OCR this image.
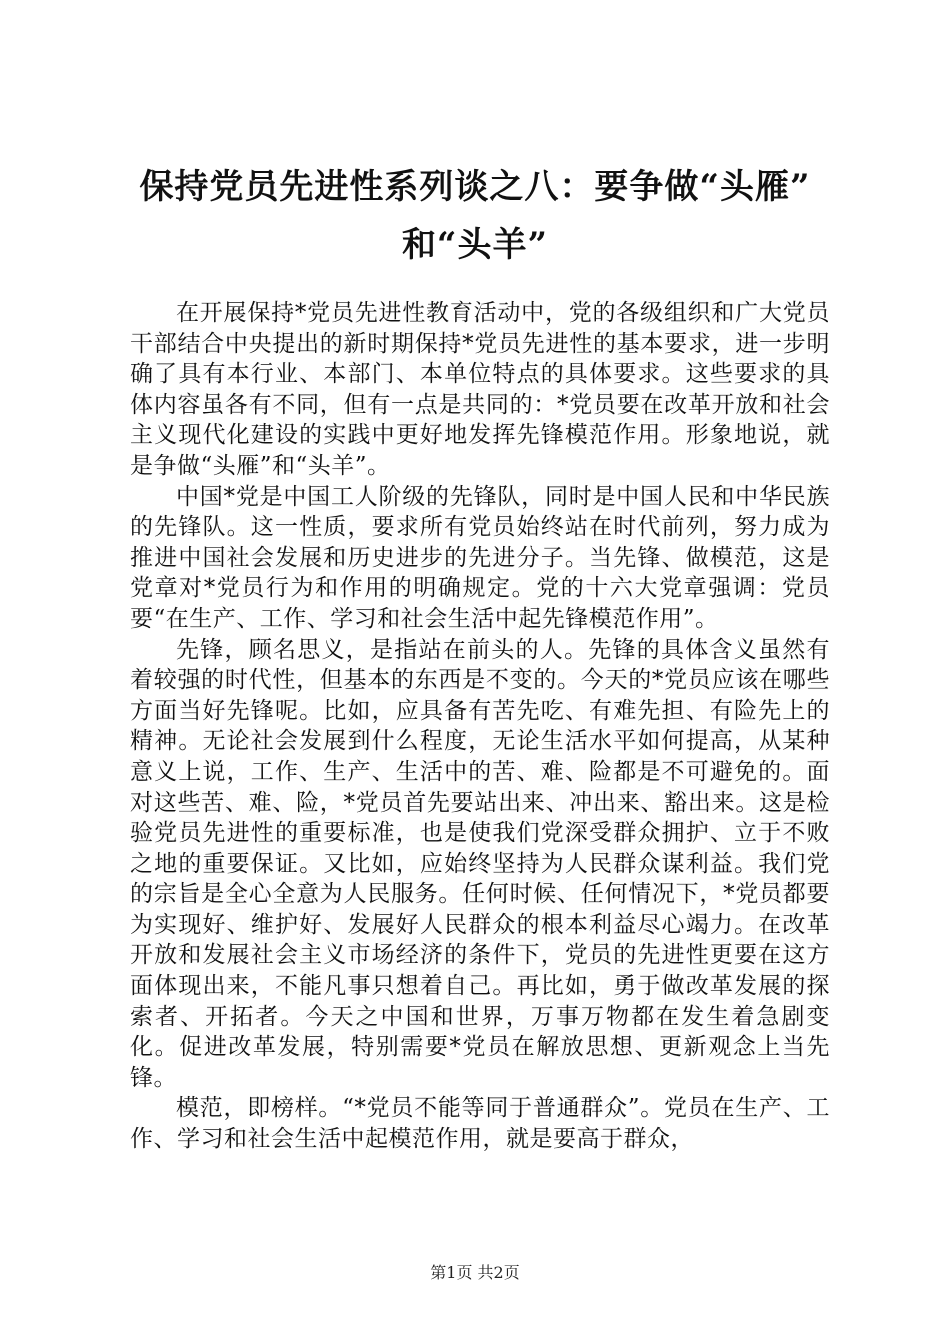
保持党员先进性系列谈之八：要争做“头雁”
和“头羊”

在开展保持*党员先进性教育活动中，党的各级组织和广大党员干部结合中央提出的新时期保持*党员先进性的基本要求，进一步明确了具有本行业、本部门、本单位特点的具体要求。这些要求的具体内容虽各有不同，但有一点是共同的：*党员要在改革开放和社会主义现代化建设的实践中更好地发挥先锋模范作用。形象地说，就是争做“头雁”和“头羊”。

中国*党是中国工人阶级的先锋队，同时是中国人民和中华民族的先锋队。这一性质，要求所有党员始终站在时代前列，努力成为推进中国社会发展和历史进步的先进分子。当先锋、做模范，这是党章对*党员行为和作用的明确规定。党的十六大党章强调：党员要“在生产、工作、学习和社会生活中起先锋模范作用”。

先锋，顾名思义，是指站在前头的人。先锋的具体含义虽然有着较强的时代性，但基本的东西是不变的。今天的*党员应该在哪些方面当好先锋呢。比如，应具备有苦先吃、有难先担、有险先上的精神。无论社会发展到什么程度，无论生活水平如何提高，从某种意义上说，工作、生产、生活中的苦、难、险都是不可避免的。面对这些苦、难、险，*党员首先要站出来、冲出来、豁出来。这是检验党员先进性的重要标准，也是使我们党深受群众拥护、立于不败之地的重要保证。又比如，应始终坚持为人民群众谋利益。我们党的宗旨是全心全意为人民服务。任何时候、任何情况下，*党员都要为实现好、维护好、发展好人民群众的根本利益尽心竭力。在改革开放和发展社会主义市场经济的条件下，党员的先进性更要在这方面体现出来，不能凡事只想着自己。再比如，勇于做改革发展的探索者、开拓者。今天之中国和世界，万事万物都在发生着急剧变化。促进改革发展，特别需要*党员在解放思想、更新观念上当先锋。

模范，即榜样。“*党员不能等同于普通群众”。党员在生产、工作、学习和社会生活中起模范作用，就是要高于群众，

第1页 共2页
